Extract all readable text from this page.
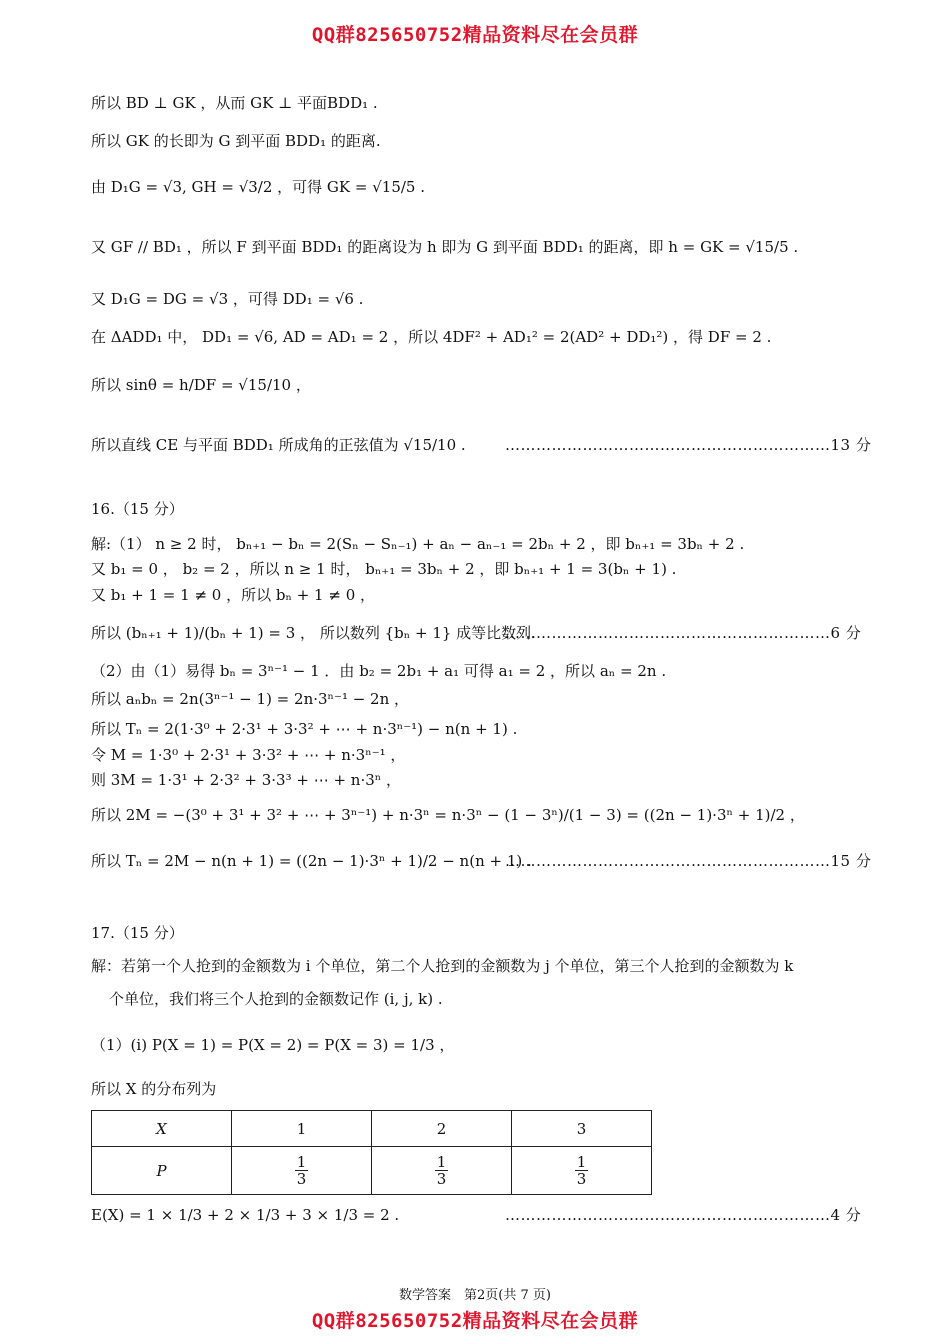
QQ群825650752精品资料尽在会员群
所以 BD ⊥ GK ，从而 GK ⊥ 平面BDD₁ .
所以 GK 的长即为 G 到平面 BDD₁ 的距离.
由 D₁G = √3, GH = √3/2 ，可得 GK = √15/5 .
又 GF // BD₁ ，所以 F 到平面 BDD₁ 的距离设为 h 即为 G 到平面 BDD₁ 的距离，即 h = GK = √15/5 .
又 D₁G = DG = √3 ，可得 DD₁ = √6 .
在 ΔADD₁ 中， DD₁ = √6, AD = AD₁ = 2 ，所以 4DF² + AD₁² = 2(AD² + DD₁²) ，得 DF = 2 .
所以 sinθ = h/DF = √15/10 ，
所以直线 CE 与平面 BDD₁ 所成角的正弦值为 √15/10 .	………………………………………………………13 分
16.（15 分）
解:（1） n ≥ 2 时， bₙ₊₁ − bₙ = 2(Sₙ − Sₙ₋₁) + aₙ − aₙ₋₁ = 2bₙ + 2 ，即 bₙ₊₁ = 3bₙ + 2 .
又 b₁ = 0 ， b₂ = 2 ，所以 n ≥ 1 时， bₙ₊₁ = 3bₙ + 2 ，即 bₙ₊₁ + 1 = 3(bₙ + 1) .
又 b₁ + 1 = 1 ≠ 0 ，所以 bₙ + 1 ≠ 0 ，
所以 (bₙ₊₁ + 1)/(bₙ + 1) = 3 ， 所以数列 {bₙ + 1} 成等比数列.
………………………………………………………6 分
（2）由（1）易得 bₙ = 3ⁿ⁻¹ − 1 ．由 b₂ = 2b₁ + a₁ 可得 a₁ = 2 ，所以 aₙ = 2n .
所以 aₙbₙ = 2n(3ⁿ⁻¹ − 1) = 2n·3ⁿ⁻¹ − 2n ，
所以 Tₙ = 2(1·3⁰ + 2·3¹ + 3·3² + ⋯ + n·3ⁿ⁻¹) − n(n + 1) .
令 M = 1·3⁰ + 2·3¹ + 3·3² + ⋯ + n·3ⁿ⁻¹ ，
则 3M = 1·3¹ + 2·3² + 3·3³ + ⋯ + n·3ⁿ ，
所以 2M = −(3⁰ + 3¹ + 3² + ⋯ + 3ⁿ⁻¹) + n·3ⁿ = n·3ⁿ − (1 − 3ⁿ)/(1 − 3) = ((2n − 1)·3ⁿ + 1)/2 ，
所以 Tₙ = 2M − n(n + 1) = ((2n − 1)·3ⁿ + 1)/2 − n(n + 1) .
………………………………………………………15 分
17.（15 分）
解：若第一个人抢到的金额数为 i 个单位，第二个人抢到的金额数为 j 个单位，第三个人抢到的金额数为 k
个单位，我们将三个人抢到的金额数记作 (i, j, k) .
（1）(ⅰ) P(X = 1) = P(X = 2) = P(X = 3) = 1/3 ，
所以 X 的分布列为
X	1	2	3
P	$\frac{1}{3}$	$\frac{1}{3}$	$\frac{1}{3}$
E(X) = 1 × 1/3 + 2 × 1/3 + 3 × 1/3 = 2 .	………………………………………………………4 分
数学答案　第2页(共 7 页)
QQ群825650752精品资料尽在会员群
